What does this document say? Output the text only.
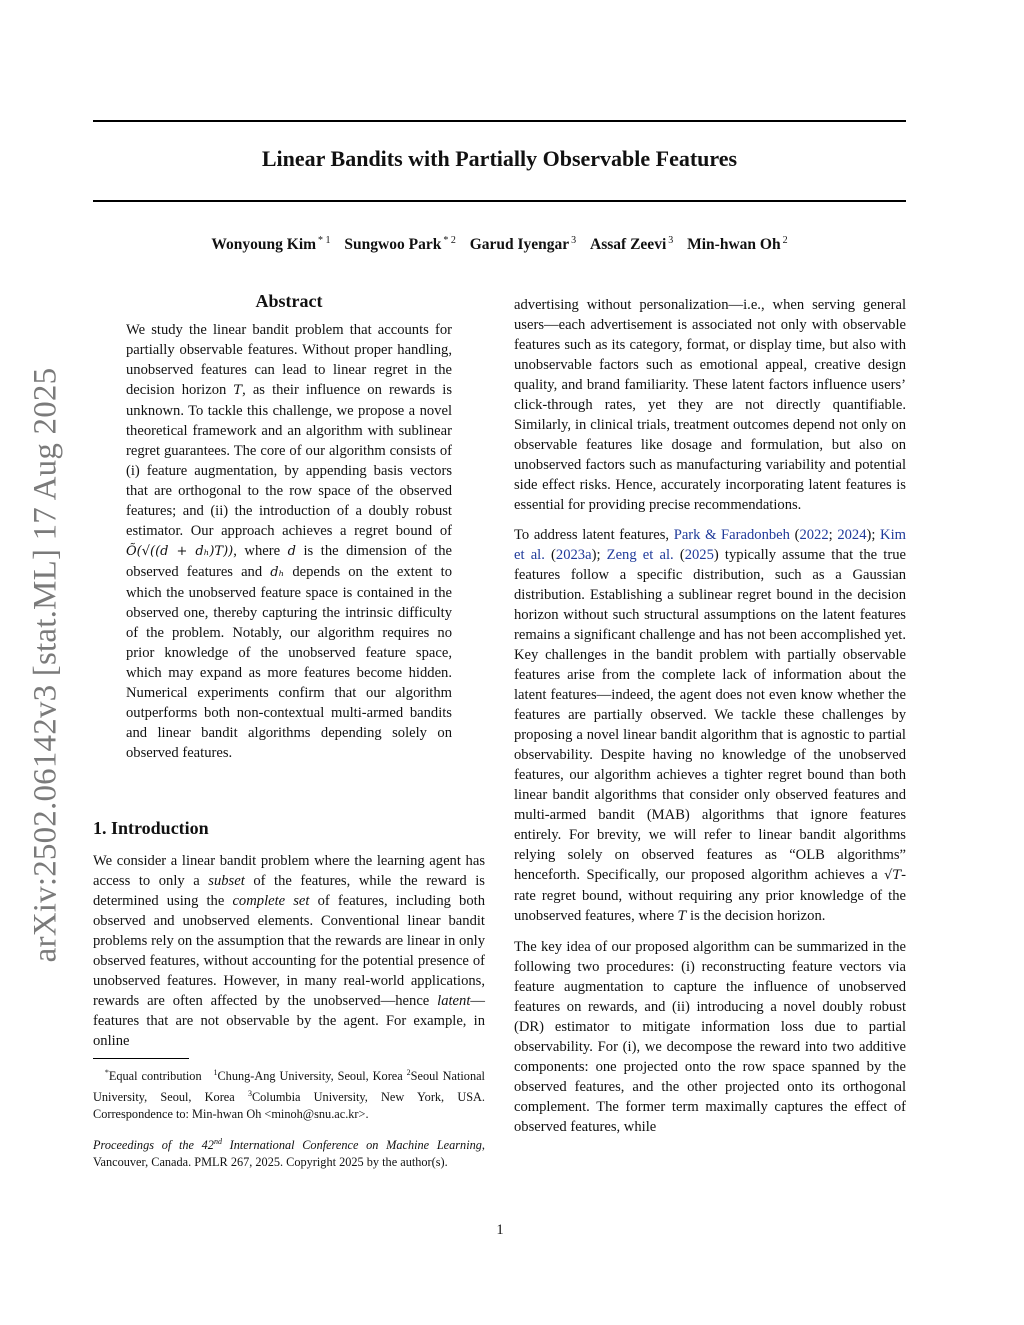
Linear Bandits with Partially Observable Features
Wonyoung Kim $^{* 1}$ Sungwoo Park $^{* 2}$ Garud Iyengar $^3$ Assaf Zeevi $^3$ Min-hwan Oh $^2$
arXiv:2502.06142v3 [stat.ML] 17 Aug 2025
Abstract

We study the linear bandit problem that accounts for partially observable features. Without proper handling, unobserved features can lead to linear regret in the decision horizon T, as their influence on rewards is unknown. To tackle this challenge, we propose a novel theoretical framework and an algorithm with sublinear regret guarantees. The core of our algorithm consists of (i) feature augmentation, by appending basis vectors that are orthogonal to the row space of the observed features; and (ii) the introduction of a doubly robust estimator. Our approach achieves a regret bound of Õ(√((d + dₕ)T)), where d is the dimension of the observed features and dₕ depends on the extent to which the unobserved feature space is contained in the observed one, thereby capturing the intrinsic difficulty of the problem. Notably, our algorithm requires no prior knowledge of the unobserved feature space, which may expand as more features become hidden. Numerical experiments confirm that our algorithm outperforms both non-contextual multi-armed bandits and linear bandit algorithms depending solely on observed features.

1. Introduction

We consider a linear bandit problem where the learning agent has access to only a subset of the features, while the reward is determined using the complete set of features, including both observed and unobserved elements. Conventional linear bandit problems rely on the assumption that the rewards are linear in only observed features, without accounting for the potential presence of unobserved features. However, in many real-world applications, rewards are often affected by the unobserved—hence latent—features that are not observable by the agent. For example, in online

*Equal contribution $^1$Chung-Ang University, Seoul, Korea $^2$Seoul National University, Seoul, Korea $^3$Columbia University, New York, USA. Correspondence to: Min-hwan Oh <minoh@snu.ac.kr>.

Proceedings of the 42nd International Conference on Machine Learning, Vancouver, Canada. PMLR 267, 2025. Copyright 2025 by the author(s).

advertising without personalization—i.e., when serving general users—each advertisement is associated not only with observable features such as its category, format, or display time, but also with unobservable factors such as emotional appeal, creative design quality, and brand familiarity. These latent factors influence users’ click-through rates, yet they are not directly quantifiable. Similarly, in clinical trials, treatment outcomes depend not only on observable features like dosage and formulation, but also on unobserved factors such as manufacturing variability and potential side effect risks. Hence, accurately incorporating latent features is essential for providing precise recommendations.

To address latent features, Park & Faradonbeh (2022; 2024); Kim et al. (2023a); Zeng et al. (2025) typically assume that the true features follow a specific distribution, such as a Gaussian distribution. Establishing a sublinear regret bound in the decision horizon without such structural assumptions on the latent features remains a significant challenge and has not been accomplished yet. Key challenges in the bandit problem with partially observable features arise from the complete lack of information about the latent features—indeed, the agent does not even know whether the features are partially observed. We tackle these challenges by proposing a novel linear bandit algorithm that is agnostic to partial observability. Despite having no knowledge of the unobserved features, our algorithm achieves a tighter regret bound than both linear bandit algorithms that consider only observed features and multi-armed bandit (MAB) algorithms that ignore features entirely. For brevity, we will refer to linear bandit algorithms relying solely on observed features as “OLB algorithms” henceforth. Specifically, our proposed algorithm achieves a √T-rate regret bound, without requiring any prior knowledge of the unobserved features, where T is the decision horizon.

The key idea of our proposed algorithm can be summarized in the following two procedures: (i) reconstructing feature vectors via feature augmentation to capture the influence of unobserved features on rewards, and (ii) introducing a novel doubly robust (DR) estimator to mitigate information loss due to partial observability. For (i), we decompose the reward into two additive components: one projected onto the row space spanned by the observed features, and the other projected onto its orthogonal complement. The former term maximally captures the effect of observed features, while

1
